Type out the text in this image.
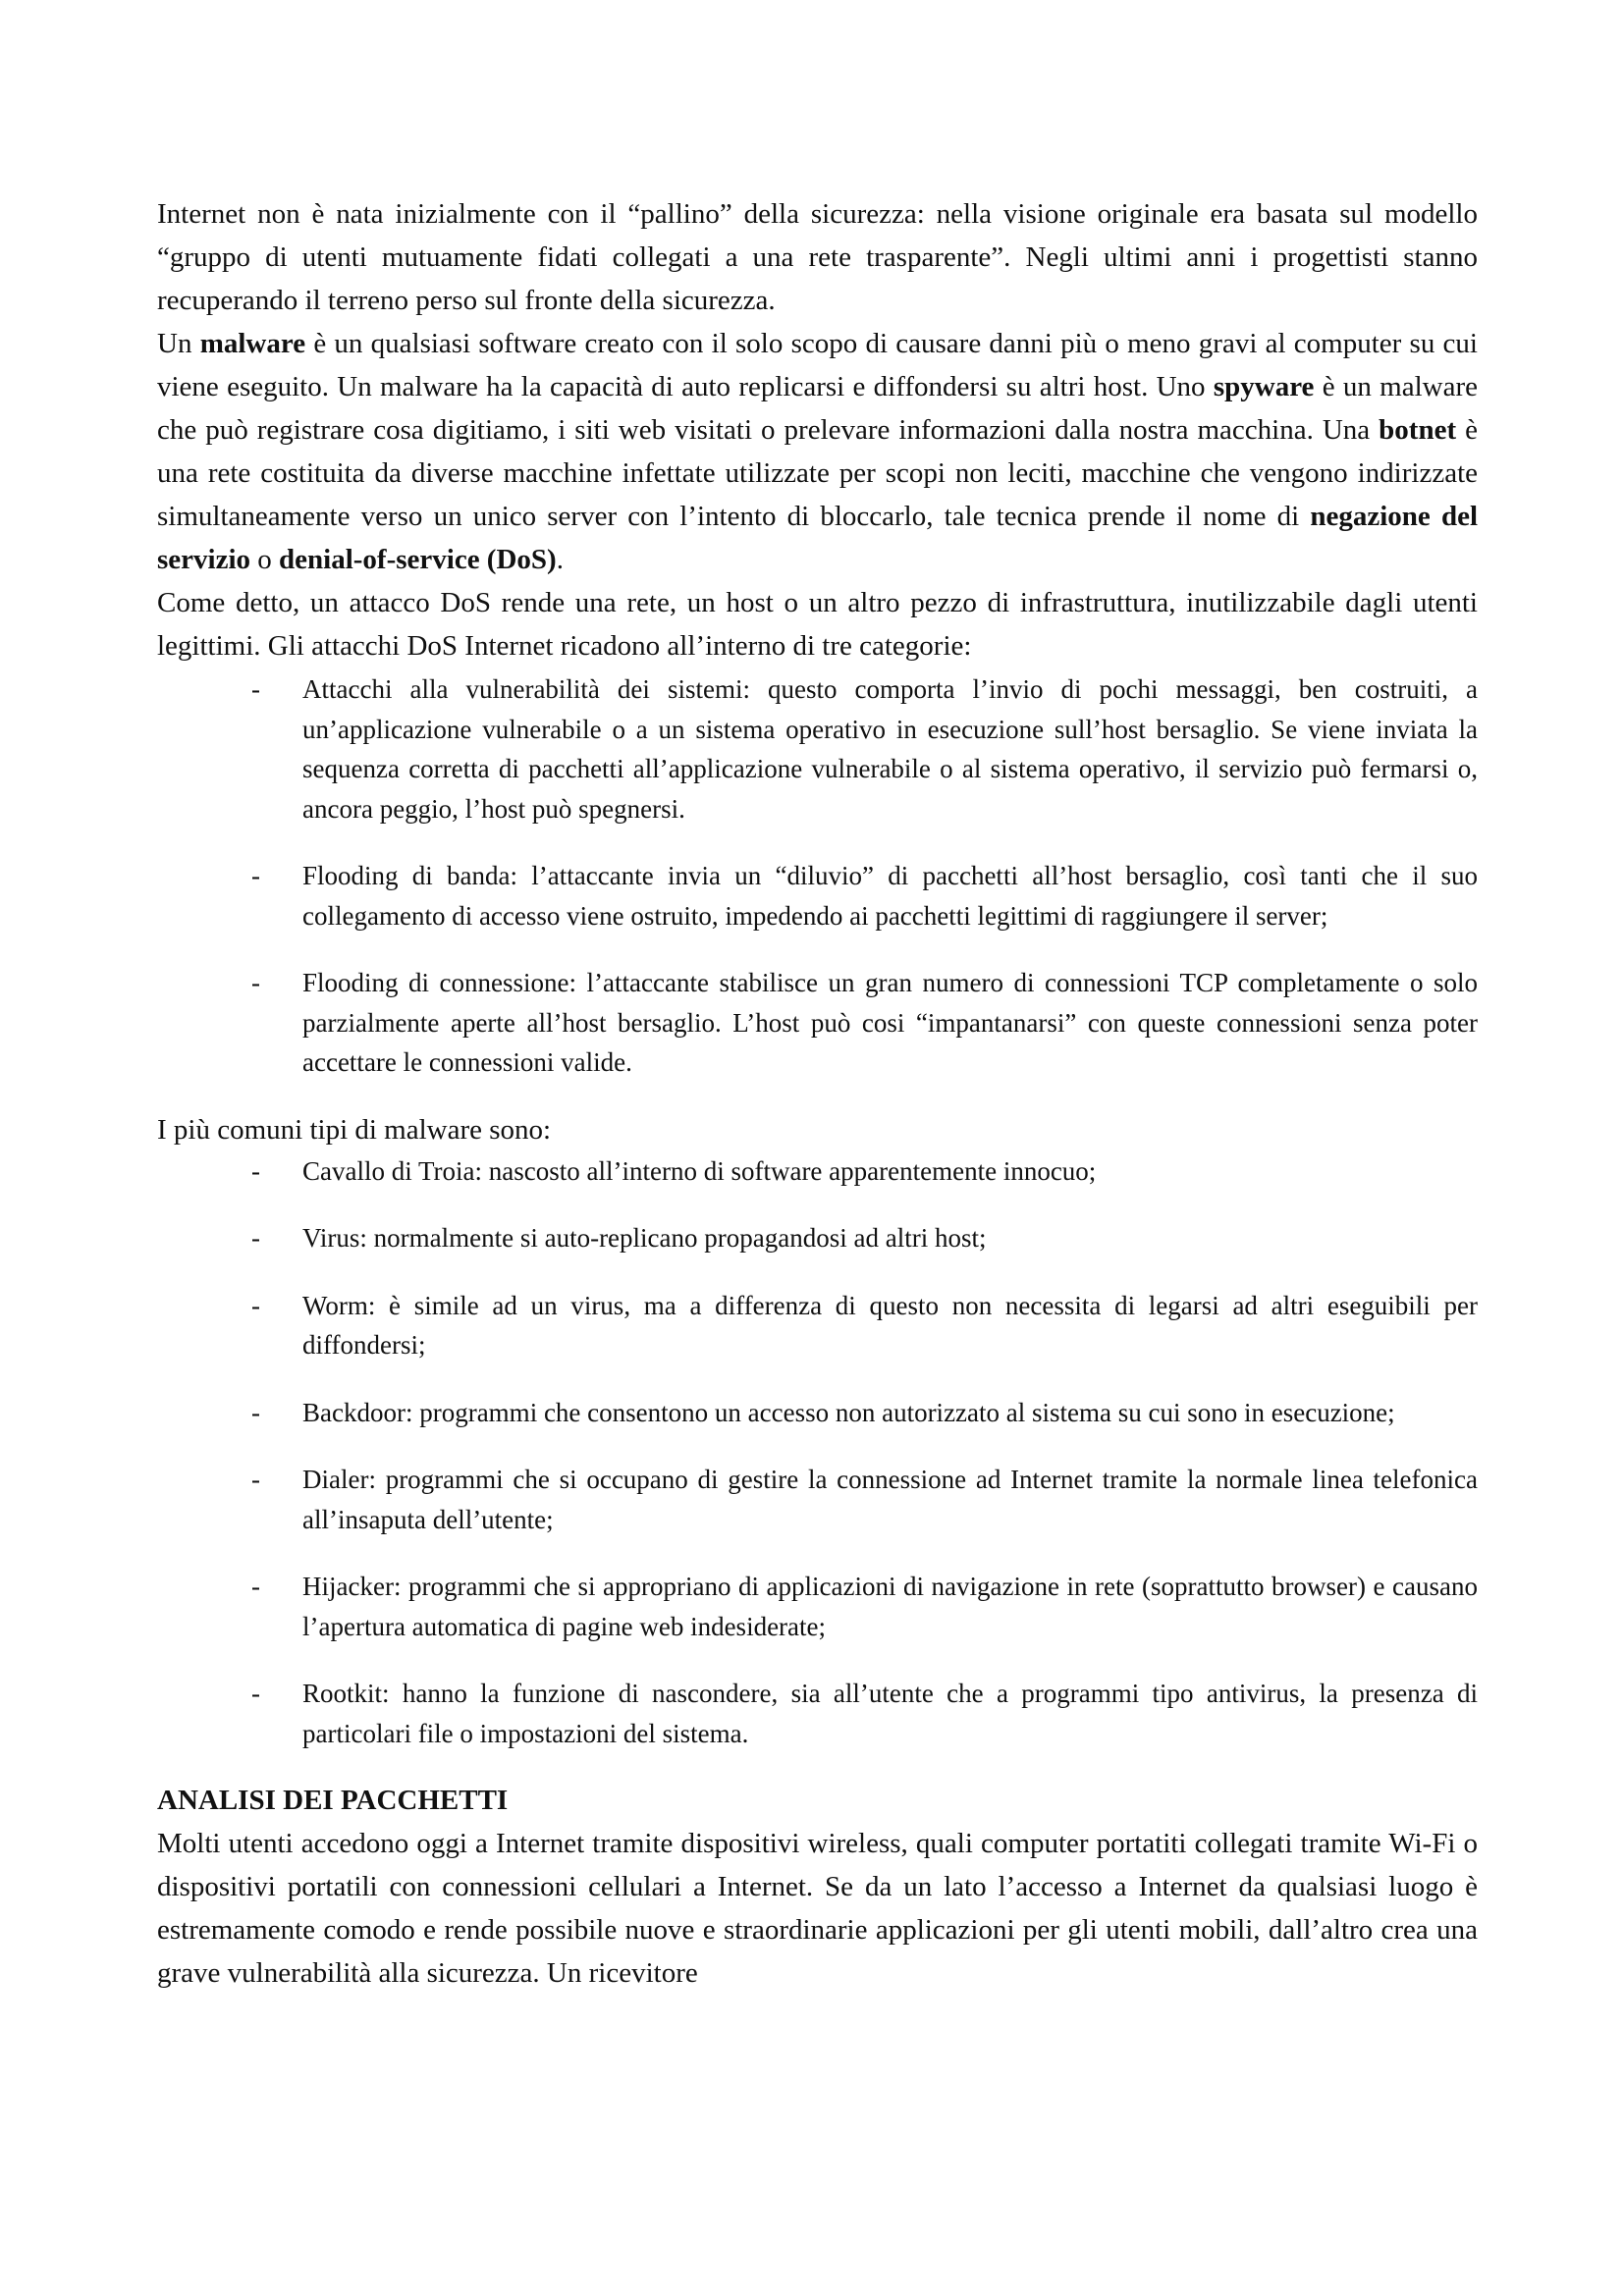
Internet non è nata inizialmente con il “pallino” della sicurezza: nella visione originale era basata sul modello “gruppo di utenti mutuamente fidati collegati a una rete trasparente”. Negli ultimi anni i progettisti stanno recuperando il terreno perso sul fronte della sicurezza.

Un malware è un qualsiasi software creato con il solo scopo di causare danni più o meno gravi al computer su cui viene eseguito. Un malware ha la capacità di auto replicarsi e diffondersi su altri host. Uno spyware è un malware che può registrare cosa digitiamo, i siti web visitati o prelevare informazioni dalla nostra macchina. Una botnet è una rete costituita da diverse macchine infettate utilizzate per scopi non leciti, macchine che vengono indirizzate simultaneamente verso un unico server con l’intento di bloccarlo, tale tecnica prende il nome di negazione del servizio o denial-of-service (DoS).

Come detto, un attacco DoS rende una rete, un host o un altro pezzo di infrastruttura, inutilizzabile dagli utenti legittimi. Gli attacchi DoS Internet ricadono all’interno di tre categorie:

- Attacchi alla vulnerabilità dei sistemi: questo comporta l’invio di pochi messaggi, ben costruiti, a un’applicazione vulnerabile o a un sistema operativo in esecuzione sull’host bersaglio. Se viene inviata la sequenza corretta di pacchetti all’applicazione vulnerabile o al sistema operativo, il servizio può fermarsi o, ancora peggio, l’host può spegnersi.
- Flooding di banda: l’attaccante invia un “diluvio” di pacchetti all’host bersaglio, così tanti che il suo collegamento di accesso viene ostruito, impedendo ai pacchetti legittimi di raggiungere il server;
- Flooding di connessione: l’attaccante stabilisce un gran numero di connessioni TCP completamente o solo parzialmente aperte all’host bersaglio. L’host può cosi “impantanarsi” con queste connessioni senza poter accettare le connessioni valide.

I più comuni tipi di malware sono:

- Cavallo di Troia: nascosto all’interno di software apparentemente innocuo;
- Virus: normalmente si auto-replicano propagandosi ad altri host;
- Worm: è simile ad un virus, ma a differenza di questo non necessita di legarsi ad altri eseguibili per diffondersi;
- Backdoor: programmi che consentono un accesso non autorizzato al sistema su cui sono in esecuzione;
- Dialer: programmi che si occupano di gestire la connessione ad Internet tramite la normale linea telefonica all’insaputa dell’utente;
- Hijacker: programmi che si appropriano di applicazioni di navigazione in rete (soprattutto browser) e causano l’apertura automatica di pagine web indesiderate;
- Rootkit: hanno la funzione di nascondere, sia all’utente che a programmi tipo antivirus, la presenza di particolari file o impostazioni del sistema.
ANALISI DEI PACCHETTI

Molti utenti accedono oggi a Internet tramite dispositivi wireless, quali computer portatiti collegati tramite Wi-Fi o dispositivi portatili con connessioni cellulari a Internet. Se da un lato l’accesso a Internet da qualsiasi luogo è estremamente comodo e rende possibile nuove e straordinarie applicazioni per gli utenti mobili, dall’altro crea una grave vulnerabilità alla sicurezza. Un ricevitore
